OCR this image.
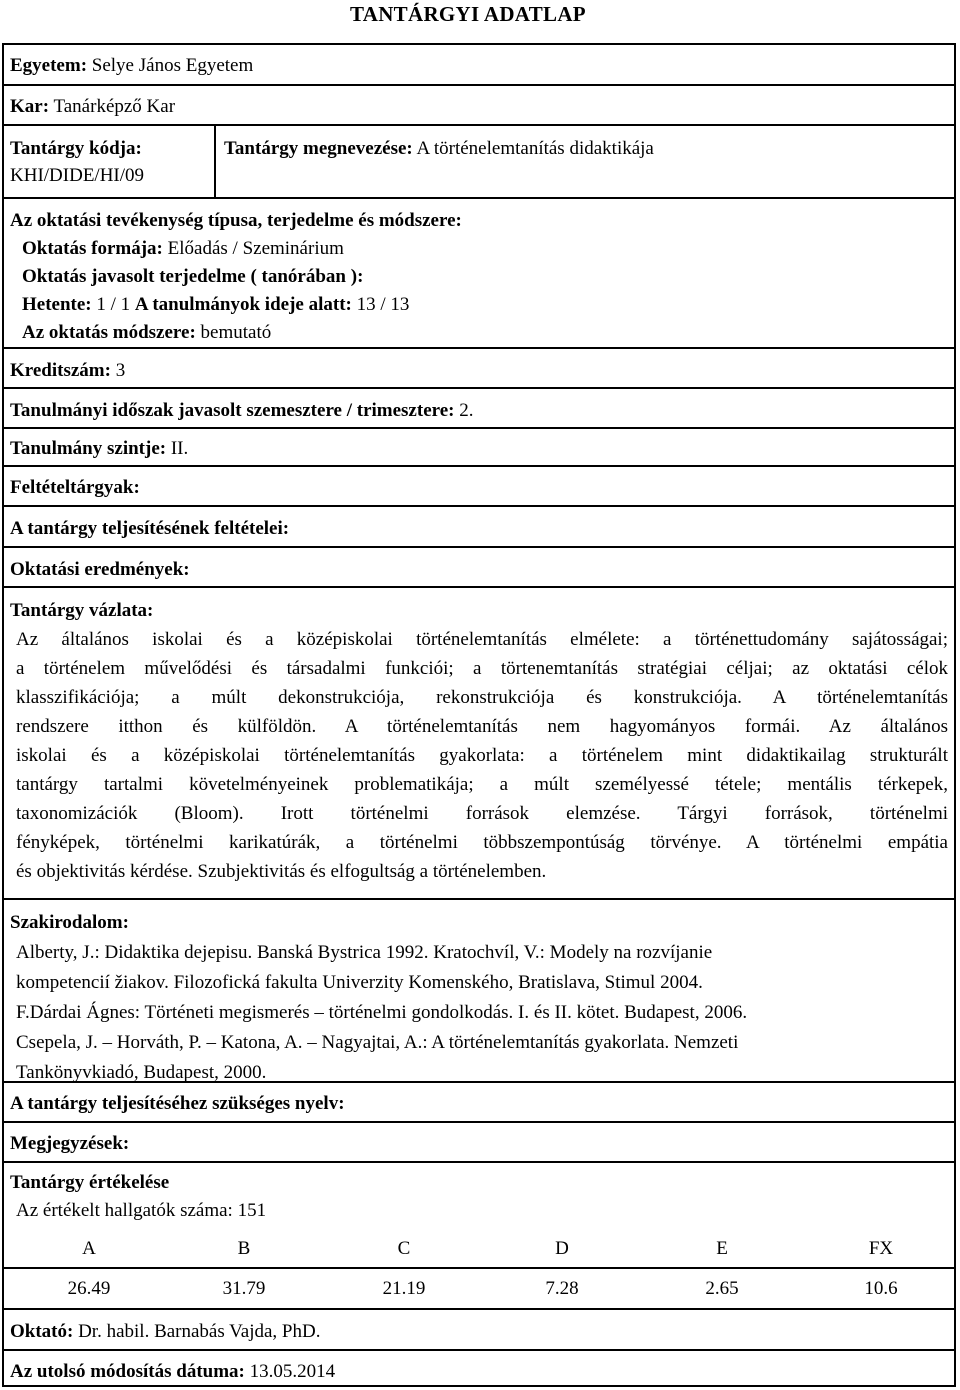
TANTÁRGYI ADATLAP
Egyetem: Selye János Egyetem
Kar: Tanárképző Kar
Tantárgy kódja:
KHI/DIDE/HI/09
Tantárgy megnevezése: A történelemtanítás didaktikája
Az oktatási tevékenység típusa, terjedelme és módszere:
Oktatás formája: Előadás / Szeminárium
Oktatás javasolt terjedelme ( tanórában ):
Hetente: 1 / 1 A tanulmányok ideje alatt: 13 / 13
Az oktatás módszere: bemutató
Kreditszám: 3
Tanulmányi időszak javasolt szemesztere / trimesztere: 2.
Tanulmány szintje: II.
Feltételtárgyak:
A tantárgy teljesítésének feltételei:
Oktatási eredmények:
Tantárgy vázlata:
Az általános iskolai és a középiskolai történelemtanítás elmélete: a történettudomány sajátosságai;
a történelem művelődési és társadalmi funkciói; a törtenemtanítás stratégiai céljai; az oktatási célok
klasszifikációja; a múlt dekonstrukciója, rekonstrukciója és konstrukciója. A történelemtanítás
rendszere itthon és külföldön. A történelemtanítás nem hagyományos formái. Az általános
iskolai és a középiskolai történelemtanítás gyakorlata: a történelem mint didaktikailag strukturált
tantárgy tartalmi követelményeinek problematikája; a múlt személyessé tétele; mentális térkepek,
taxonomizációk (Bloom). Irott történelmi források elemzése. Tárgyi források, történelmi
fényképek, történelmi karikatúrák, a történelmi többszempontúság törvénye. A történelmi empátia
és objektivitás kérdése. Szubjektivitás és elfogultság a történelemben.
Szakirodalom:
Alberty, J.: Didaktika dejepisu. Banská Bystrica 1992. Kratochvíl, V.: Modely na rozvíjanie
kompetencií žiakov. Filozofická fakulta Univerzity Komenského, Bratislava, Stimul 2004.
F.Dárdai Ágnes: Történeti megismerés – történelmi gondolkodás. I. és II. kötet. Budapest, 2006.
Csepela, J. – Horváth, P. – Katona, A. – Nagyajtai, A.: A történelemtanítás gyakorlata. Nemzeti
Tankönyvkiadó, Budapest, 2000.
A tantárgy teljesítéséhez szükséges nyelv:
Megjegyzések:
Tantárgy értékelése
Az értékelt hallgatók száma: 151
A	B	C	D	E	FX
26.49	31.79	21.19	7.28	2.65	10.6
Oktató: Dr. habil. Barnabás Vajda, PhD.
Az utolsó módosítás dátuma: 13.05.2014
